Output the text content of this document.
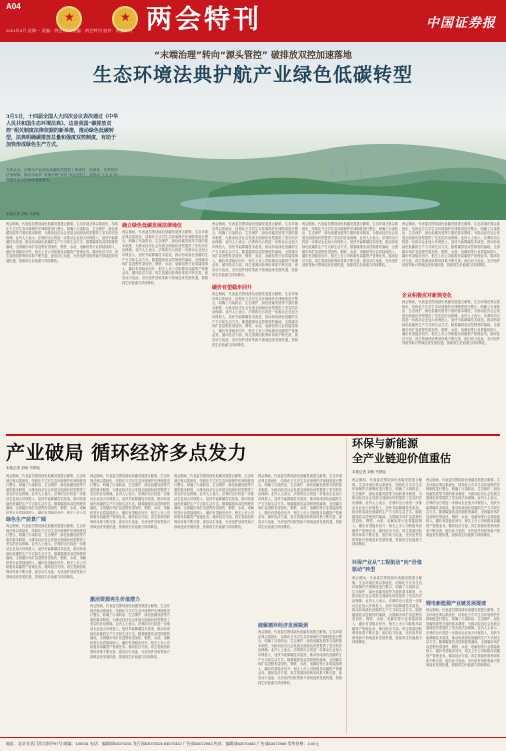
A04
★	★ 两会特刊	中国证券报
2021年3月 星期一 责编：两会特刊 美编：两会特刊 校对：两会特刊
“末端治理”转向“源头管控” 破排放双控加速落地
生态环境法典护航产业绿色低碳转型
3月5日，十四届全国人大四次会议表决通过《中华人民共和国生态环境法典》。这是我国“碳排放双控”相关制度法律依据的新举措，推动绿色低碳转型，法典明确碳排放总量和强度双控制度，有助于加快形成绿色生产方式。
专家认为，法典为产业绿色低碳转型提供了系统性、权威性、长效性的法治保障，推动市场从“末端治理”转向“源头管控”，并推动“十五五”时期碳排放双控制度落地落实。
本报记者 刘杨 韦梦瑶
确立绿色低碳发展法律地位
两会期间，代表委员围绕绿色低碳发展建言献策。生态环境法典以系统化、结构化方式对生态环境保护法律制度进行整合，明确了污染防治、生态保护、绿色低碳发展等方面的基本制度，为推动经济社会发展全面绿色转型提供了坚实的法治保障。业内人士表示，法典的出台将进一步推动企业加大环保投入，加快节能降碳技术改造，推动形成绿色低碳的生产方式和生活方式。随着碳排放双控制度的落地，全国碳市场扩容进程有望加快，钢铁、水泥、电解铝等行业将陆续纳入，碳价有望稳步回升，相关上市公司积极布局碳资产管理业务。循环经济方面，再生资源回收利用体系不断完善，废旧动力电池、光伏组件回收等新兴领域迎来发展机遇，资源再生价值潜力持续释放。
两会期间，代表委员围绕绿色低碳发展建言献策。生态环境法典以系统化、结构化方式对生态环境保护法律制度进行整合，明确了污染防治、生态保护、绿色低碳发展等方面的基本制度，为推动经济社会发展全面绿色转型提供了坚实的法治保障。业内人士表示，法典的出台将进一步推动企业加大环保投入，加快节能降碳技术改造，推动形成绿色低碳的生产方式和生活方式。随着碳排放双控制度的落地，全国碳市场扩容进程有望加快，钢铁、水泥、电解铝等行业将陆续纳入，碳价有望稳步回升，相关上市公司积极布局碳资产管理业务。循环经济方面，再生资源回收利用体系不断完善，废旧动力电池、光伏组件回收等新兴领域迎来发展机遇，资源再生价值潜力持续释放。
碳价有望稳步回升
两会期间，代表委员围绕绿色低碳发展建言献策。生态环境法典以系统化、结构化方式对生态环境保护法律制度进行整合，明确了污染防治、生态保护、绿色低碳发展等方面的基本制度，为推动经济社会发展全面绿色转型提供了坚实的法治保障。业内人士表示，法典的出台将进一步推动企业加大环保投入，加快节能降碳技术改造，推动形成绿色低碳的生产方式和生活方式。随着碳排放双控制度的落地，全国碳市场扩容进程有望加快，钢铁、水泥、电解铝等行业将陆续纳入，碳价有望稳步回升，相关上市公司积极布局碳资产管理业务。循环经济方面，再生资源回收利用体系不断完善，废旧动力电池、光伏组件回收等新兴领域迎来发展机遇，资源再生价值潜力持续释放。
两会期间，代表委员围绕绿色低碳发展建言献策。生态环境法典以系统化、结构化方式对生态环境保护法律制度进行整合，明确了污染防治、生态保护、绿色低碳发展等方面的基本制度，为推动经济社会发展全面绿色转型提供了坚实的法治保障。业内人士表示，法典的出台将进一步推动企业加大环保投入，加快节能降碳技术改造，推动形成绿色低碳的生产方式和生活方式。随着碳排放双控制度的落地，全国碳市场扩容进程有望加快，钢铁、水泥、电解铝等行业将陆续纳入，碳价有望稳步回升，相关上市公司积极布局碳资产管理业务。循环经济方面，再生资源回收利用体系不断完善，废旧动力电池、光伏组件回收等新兴领域迎来发展机遇，资源再生价值潜力持续释放。
两会期间，代表委员围绕绿色低碳发展建言献策。生态环境法典以系统化、结构化方式对生态环境保护法律制度进行整合，明确了污染防治、生态保护、绿色低碳发展等方面的基本制度，为推动经济社会发展全面绿色转型提供了坚实的法治保障。业内人士表示，法典的出台将进一步推动企业加大环保投入，加快节能降碳技术改造，推动形成绿色低碳的生产方式和生活方式。随着碳排放双控制度的落地，全国碳市场扩容进程有望加快，钢铁、水泥、电解铝等行业将陆续纳入，碳价有望稳步回升，相关上市公司积极布局碳资产管理业务。循环经济方面，再生资源回收利用体系不断完善，废旧动力电池、光伏组件回收等新兴领域迎来发展机遇，资源再生价值潜力持续释放。
企业积极应对新规变化
两会期间，代表委员围绕绿色低碳发展建言献策。生态环境法典以系统化、结构化方式对生态环境保护法律制度进行整合，明确了污染防治、生态保护、绿色低碳发展等方面的基本制度，为推动经济社会发展全面绿色转型提供了坚实的法治保障。业内人士表示，法典的出台将进一步推动企业加大环保投入，加快节能降碳技术改造，推动形成绿色低碳的生产方式和生活方式。随着碳排放双控制度的落地，全国碳市场扩容进程有望加快，钢铁、水泥、电解铝等行业将陆续纳入，碳价有望稳步回升，相关上市公司积极布局碳资产管理业务。循环经济方面，再生资源回收利用体系不断完善，废旧动力电池、光伏组件回收等新兴领域迎来发展机遇，资源再生价值潜力持续释放。
两会期间，代表委员围绕绿色低碳发展建言献策。生态环境法典以系统化、结构化方式对生态环境保护法律制度进行整合，明确了污染防治、生态保护、绿色低碳发展等方面的基本制度，为推动经济社会发展全面绿色转型提供了坚实的法治保障。业内人士表示，法典的出台将进一步推动企业加大环保投入，加快节能降碳技术改造，推动形成绿色低碳的生产方式和生活方式。随着碳排放双控制度的落地，全国碳市场扩容进程有望加快，钢铁、水泥、电解铝等行业将陆续纳入，碳价有望稳步回升，相关上市公司积极布局碳资产管理业务。循环经济方面，再生资源回收利用体系不断完善，废旧动力电池、光伏组件回收等新兴领域迎来发展机遇，资源再生价值潜力持续释放。
产业破局 循环经济多点发力
本报记者 刘杨 韦梦瑶
两会期间，代表委员围绕绿色低碳发展建言献策。生态环境法典以系统化、结构化方式对生态环境保护法律制度进行整合，明确了污染防治、生态保护、绿色低碳发展等方面的基本制度，为推动经济社会发展全面绿色转型提供了坚实的法治保障。业内人士表示，法典的出台将进一步推动企业加大环保投入，加快节能降碳技术改造，推动形成绿色低碳的生产方式和生活方式。随着碳排放双控制度的落地，全国碳市场扩容进程有望加快，钢铁、水泥、电解铝等行业将陆续纳入，碳价有望稳步回升，相关上市公司
绿色生产前景广阔
两会期间，代表委员围绕绿色低碳发展建言献策。生态环境法典以系统化、结构化方式对生态环境保护法律制度进行整合，明确了污染防治、生态保护、绿色低碳发展等方面的基本制度，为推动经济社会发展全面绿色转型提供了坚实的法治保障。业内人士表示，法典的出台将进一步推动企业加大环保投入，加快节能降碳技术改造，推动形成绿色低碳的生产方式和生活方式。随着碳排放双控制度的落地，全国碳市场扩容进程有望加快，钢铁、水泥、电解铝等行业将陆续纳入，碳价有望稳步回升，相关上市公司积极布局碳资产管理业务。循环经济方面，再生资源回收利用体系不断完善，废旧动力电池、光伏组件回收等新兴领域迎来发展机遇，资源再生价值潜力持续释放。
两会期间，代表委员围绕绿色低碳发展建言献策。生态环境法典以系统化、结构化方式对生态环境保护法律制度进行整合，明确了污染防治、生态保护、绿色低碳发展等方面的基本制度，为推动经济社会发展全面绿色转型提供了坚实的法治保障。业内人士表示，法典的出台将进一步推动企业加大环保投入，加快节能降碳技术改造，推动形成绿色低碳的生产方式和生活方式。随着碳排放双控制度的落地，全国碳市场扩容进程有望加快，钢铁、水泥、电解铝等行业将陆续纳入，碳价有望稳步回升，相关上市公司积极布局碳资产管理业务。循环经济方面，再生资源回收利用体系不断完善，废旧动力电池、光伏组件回收等新兴领域迎来发展机遇，资源再生价值潜力持续释放。
激活资源再生价值潜力
两会期间，代表委员围绕绿色低碳发展建言献策。生态环境法典以系统化、结构化方式对生态环境保护法律制度进行整合，明确了污染防治、生态保护、绿色低碳发展等方面的基本制度，为推动经济社会发展全面绿色转型提供了坚实的法治保障。业内人士表示，法典的出台将进一步推动企业加大环保投入，加快节能降碳技术改造，推动形成绿色低碳的生产方式和生活方式。随着碳排放双控制度的落地，全国碳市场扩容进程有望加快，钢铁、水泥、电解铝等行业将陆续纳入，碳价有望稳步回升，相关上市公司积极布局碳资产管理业务。循环经济方面，再生资源回收利用体系不断完善，废旧动力电池、光伏组件回收等新兴领域迎来发展机遇，资源再生价值潜力持续释放。
两会期间，代表委员围绕绿色低碳发展建言献策。生态环境法典以系统化、结构化方式对生态环境保护法律制度进行整合，明确了污染防治、生态保护、绿色低碳发展等方面的基本制度，为推动经济社会发展全面绿色转型提供了坚实的法治保障。业内人士表示，法典的出台将进一步推动企业加大环保投入，加快节能降碳技术改造，推动形成绿色低碳的生产方式和生活方式。随着碳排放双控制度的落地，全国碳市场扩容进程有望加快，钢铁、水泥、电解铝等行业将陆续纳入，碳价有望稳步回升，相关上市公司积极布局碳资产管理业务。循环经济方面，再生资源回收利用体系不断完善，废旧动力电池、光伏组件回收等新兴领域迎来发展机遇，资源再生价值潜力持续释放。
两会期间，代表委员围绕绿色低碳发展建言献策。生态环境法典以系统化、结构化方式对生态环境保护法律制度进行整合，明确了污染防治、生态保护、绿色低碳发展等方面的基本制度，为推动经济社会发展全面绿色转型提供了坚实的法治保障。业内人士表示，法典的出台将进一步推动企业加大环保投入，加快节能降碳技术改造，推动形成绿色低碳的生产方式和生活方式。随着碳排放双控制度的落地，全国碳市场扩容进程有望加快，钢铁、水泥、电解铝等行业将陆续纳入，碳价有望稳步回升，相关上市公司积极布局碳资产管理业务。循环经济方面，再生资源回收利用体系不断完善，废旧动力电池、光伏组件回收等新兴领域迎来发展机遇，资源再生价值潜力持续释放。
破解循环经济发展瓶颈
两会期间，代表委员围绕绿色低碳发展建言献策。生态环境法典以系统化、结构化方式对生态环境保护法律制度进行整合，明确了污染防治、生态保护、绿色低碳发展等方面的基本制度，为推动经济社会发展全面绿色转型提供了坚实的法治保障。业内人士表示，法典的出台将进一步推动企业加大环保投入，加快节能降碳技术改造，推动形成绿色低碳的生产方式和生活方式。随着碳排放双控制度的落地，全国碳市场扩容进程有望加快，钢铁、水泥、电解铝等行业将陆续纳入，碳价有望稳步回升，相关上市公司积极布局碳资产管理业务。循环经济方面，再生资源回收利用体系不断完善，废旧动力电池、光伏组件回收等新兴领域迎来发展机遇，资源再生价值潜力持续释放。
环保与新能源
全产业链迎价值重估
本报记者 刘杨 韦梦瑶
两会期间，代表委员围绕绿色低碳发展建言献策。生态环境法典以系统化、结构化方式对生态环境保护法律制度进行整合，明确了污染防治、生态保护、绿色低碳发展等方面的基本制度，为推动经济社会发展全面绿色转型提供了坚实的法治保障。业内人士表示，法典的出台将进一步推动企业加大环保投入，加快节能降碳技术改造，推动形成绿色低碳的生产方式和生活方式。随着碳排放双控制度的落地，全国碳市场扩容进程有望加快，钢铁、水泥、电解铝等行业将陆续纳入，碳价有望稳步回升，相关上市公司积极布局碳资产管理业务。循环经济方面，再生资源回收利用体系不断完善，废旧动力电池、光伏组件回收等新兴领域迎来发展机遇，资源再生价值潜力持续释放。
环保产业从“工程驱动”向“价值驱动”转型
两会期间，代表委员围绕绿色低碳发展建言献策。生态环境法典以系统化、结构化方式对生态环境保护法律制度进行整合，明确了污染防治、生态保护、绿色低碳发展等方面的基本制度，为推动经济社会发展全面绿色转型提供了坚实的法治保障。业内人士表示，法典的出台将进一步推动企业加大环保投入，加快节能降碳技术改造，推动形成绿色低碳的生产方式和生活方式。随着碳排放双控制度的落地，全国碳市场扩容进程有望加快，钢铁、水泥、电解铝等行业将陆续纳入，碳价有望稳步回升，相关上市公司积极布局碳资产管理业务。循环经济方面，再生资源回收利用体系不断完善，废旧动力电池、光伏组件回收等新兴领域迎来发展机遇，资源再生价值潜力持续释放。
两会期间，代表委员围绕绿色低碳发展建言献策。生态环境法典以系统化、结构化方式对生态环境保护法律制度进行整合，明确了污染防治、生态保护、绿色低碳发展等方面的基本制度，为推动经济社会发展全面绿色转型提供了坚实的法治保障。业内人士表示，法典的出台将进一步推动企业加大环保投入，加快节能降碳技术改造，推动形成绿色低碳的生产方式和生活方式。随着碳排放双控制度的落地，全国碳市场扩容进程有望加快，钢铁、水泥、电解铝等行业将陆续纳入，碳价有望稳步回升，相关上市公司积极布局碳资产管理业务。循环经济方面，再生资源回收利用体系不断完善，废旧动力电池、光伏组件回收等新兴领域迎来发展机遇，资源再生价值潜力持续释放。
锂电新能源产业链发展提速
两会期间，代表委员围绕绿色低碳发展建言献策。生态环境法典以系统化、结构化方式对生态环境保护法律制度进行整合，明确了污染防治、生态保护、绿色低碳发展等方面的基本制度，为推动经济社会发展全面绿色转型提供了坚实的法治保障。业内人士表示，法典的出台将进一步推动企业加大环保投入，加快节能降碳技术改造，推动形成绿色低碳的生产方式和生活方式。随着碳排放双控制度的落地，全国碳市场扩容进程有望加快，钢铁、水泥、电解铝等行业将陆续纳入，碳价有望稳步回升，相关上市公司积极布局碳资产管理业务。循环经济方面，再生资源回收利用体系不断完善，废旧动力电池、光伏组件回收等新兴领域迎来发展机遇，资源再生价值潜力持续释放。
地址：北京宣武门西大街甲97号 邮编：100031 电话：编辑部63070251 发行部63070326 63070322 广告部63072963 传真：编辑部63070483 广告部63072969 零售价格：4.00元
